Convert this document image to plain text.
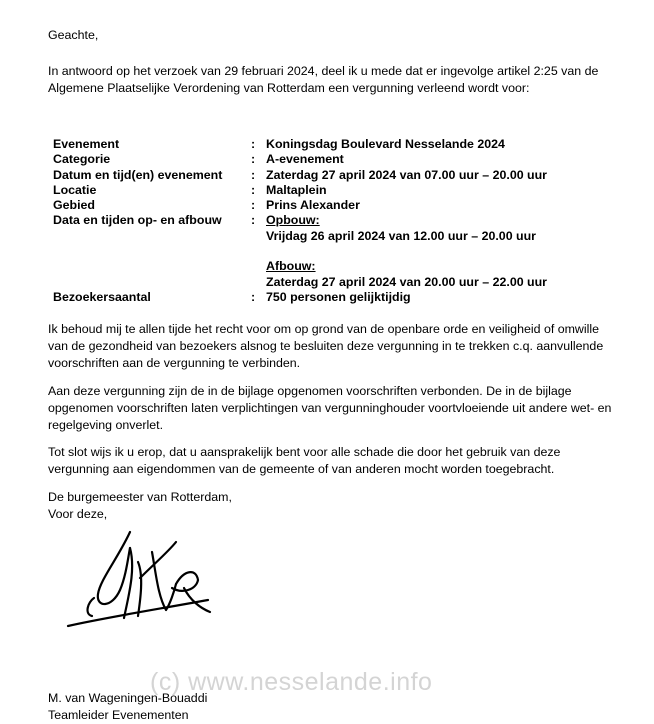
Geachte,

In antwoord op het verzoek van 29 februari 2024, deel ik u mede dat er ingevolge artikel 2:25 van de Algemene Plaatselijke Verordening van Rotterdam een vergunning verleend wordt voor:

Evenement	:	Koningsdag Boulevard Nesselande 2024
Categorie	:	A-evenement
Datum en tijd(en) evenement	:	Zaterdag 27 april 2024 van 07.00 uur – 20.00 uur
Locatie	:	Maltaplein
Gebied	:	Prins Alexander
Data en tijden op- en afbouw	:	Opbouw:
Vrijdag 26 april 2024 van 12.00 uur – 20.00 uur
Afbouw:
Zaterdag 27 april 2024 van 20.00 uur – 22.00 uur

Bezoekersaantal	:	750 personen gelijktijdig

Ik behoud mij te allen tijde het recht voor om op grond van de openbare orde en veiligheid of omwille van de gezondheid van bezoekers alsnog te besluiten deze vergunning in te trekken c.q. aanvullende voorschriften aan de vergunning te verbinden.

Aan deze vergunning zijn de in de bijlage opgenomen voorschriften verbonden. De in de bijlage opgenomen voorschriften laten verplichtingen van vergunninghouder voortvloeiende uit andere wet- en regelgeving onverlet.

Tot slot wijs ik u erop, dat u aansprakelijk bent voor alle schade die door het gebruik van deze vergunning aan eigendommen van de gemeente of van anderen mocht worden toegebracht.

De burgemeester van Rotterdam,
Voor deze,
(c) www.nesselande.info
M. van Wageningen-Bouaddi
Teamleider Evenementen
